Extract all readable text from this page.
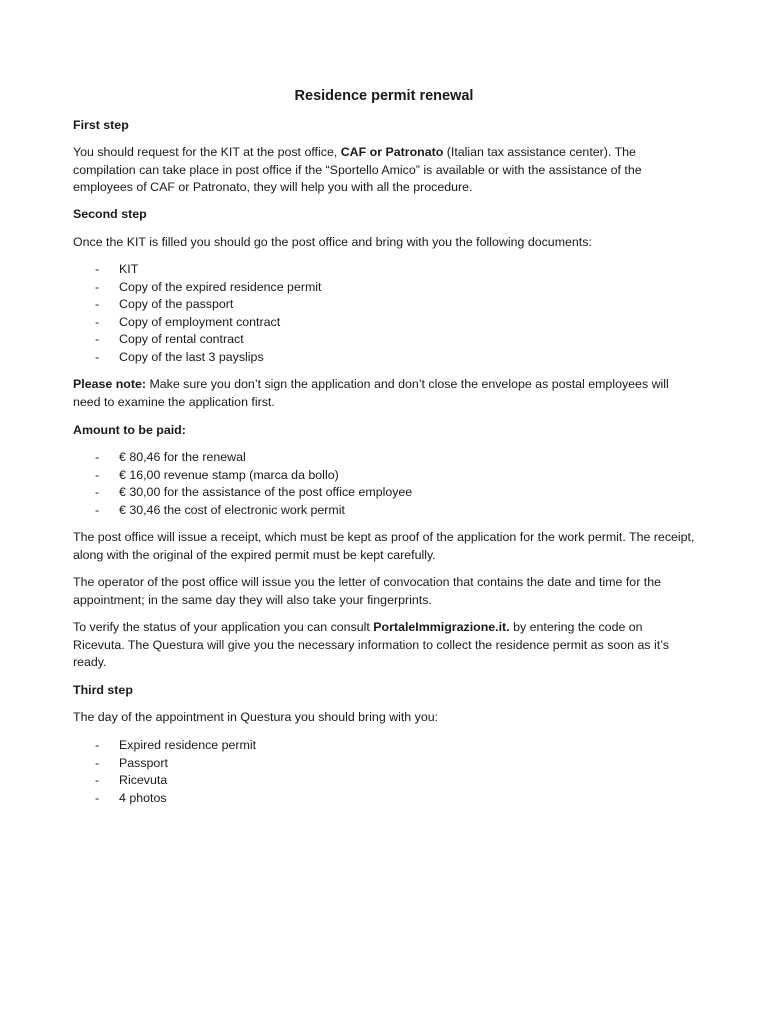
Residence permit renewal

First step

You should request for the KIT at the post office, CAF or Patronato (Italian tax assistance center). The compilation can take place in post office if the “Sportello Amico” is available or with the assistance of the employees of CAF or Patronato, they will help you with all the procedure.

Second step

Once the KIT is filled you should go the post office and bring with you the following documents:

- KIT
- Copy of the expired residence permit
- Copy of the passport
- Copy of employment contract
- Copy of rental contract
- Copy of the last 3 payslips

Please note: Make sure you don’t sign the application and don’t close the envelope as postal employees will need to examine the application first.

Amount to be paid:

- € 80,46 for the renewal
- € 16,00 revenue stamp (marca da bollo)
- € 30,00 for the assistance of the post office employee
- € 30,46 the cost of electronic work permit

The post office will issue a receipt, which must be kept as proof of the application for the work permit. The receipt, along with the original of the expired permit must be kept carefully.

The operator of the post office will issue you the letter of convocation that contains the date and time for the appointment; in the same day they will also take your fingerprints.

To verify the status of your application you can consult PortaleImmigrazione.it. by entering the code on Ricevuta. The Questura will give you the necessary information to collect the residence permit as soon as it’s ready.

Third step

The day of the appointment in Questura you should bring with you:

- Expired residence permit
- Passport
- Ricevuta
- 4 photos
